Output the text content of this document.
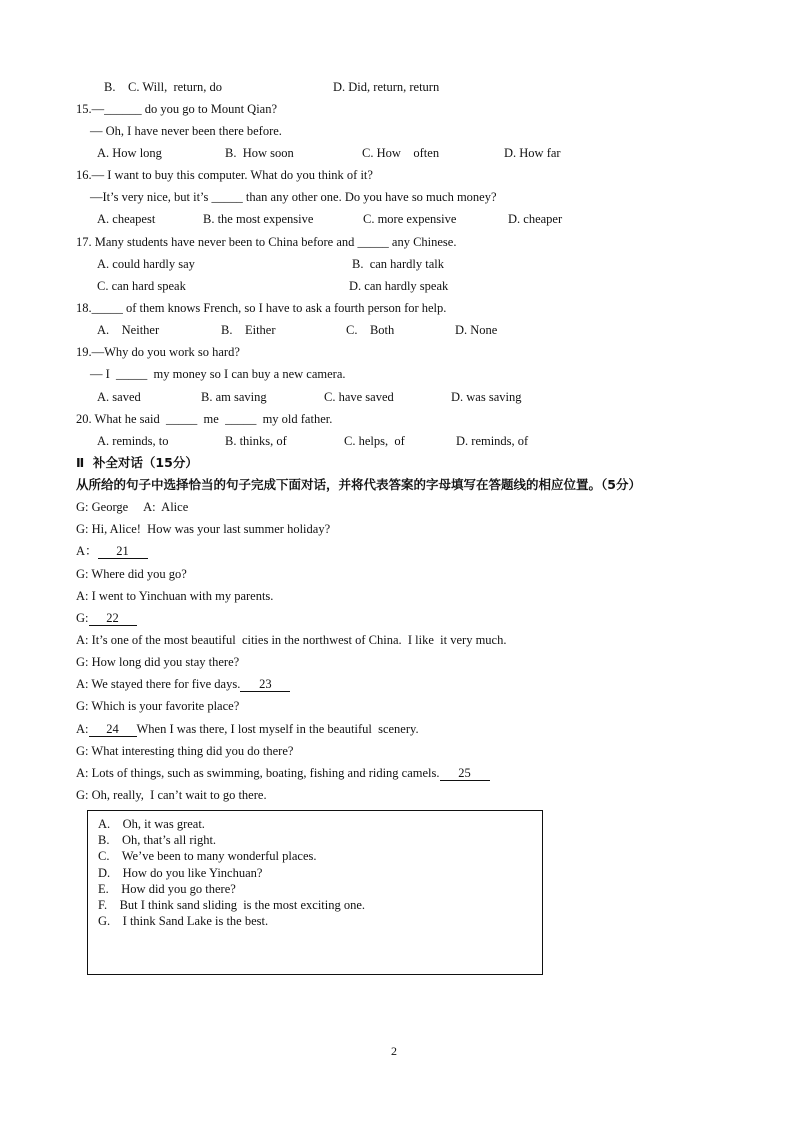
B. C. Will,  return, do	D. Did, return, return
15.—______ do you go to Mount Qian?
— Oh, I have never been there before.
A. How long	B.  How soon	C. How    often	D. How far
16.— I want to buy this computer. What do you think of it?
—It’s very nice, but it’s _____ than any other one. Do you have so much money?
A. cheapest	B. the most expensive	C. more expensive	D. cheaper
17. Many students have never been to China before and _____ any Chinese.
A. could hardly say	B.  can hardly talk
C. can hard speak	D. can hardly speak
18._____ of them knows French, so I have to ask a fourth person for help.
A.    Neither	B.    Either	C.    Both	D. None
19.—Why do you work so hard?
— I  _____  my money so I can buy a new camera.
A. saved	B. am saving	C. have saved	D. was saving
20. What he said  _____  me  _____  my old father.
A. reminds, to	B. thinks, of	C. helps,  of	D. reminds, of
Ⅱ  补全对话（15分）
从所给的句子中选择恰当的句子完成下面对话，并将代表答案的字母填写在答题线的相应位置。（5分）
G: George     A:  Alice
G: Hi, Alice!  How was your last summer holiday?
A： 21
G: Where did you go?
A: I went to Yinchuan with my parents.
G: 22
A: It’s one of the most beautiful  cities in the northwest of China.  I like  it very much.
G: How long did you stay there?
A: We stayed there for five days. 23
G: Which is your favorite place?
A: 24 When I was there, I lost myself in the beautiful  scenery.
G: What interesting thing did you do there?
A: Lots of things, such as swimming, boating, fishing and riding camels. 25
G: Oh, really,  I can’t wait to go there.
A.    Oh, it was great.
B.    Oh, that’s all right.
C.    We’ve been to many wonderful places.
D.    How do you like Yinchuan?
E.    How did you go there?
F.    But I think sand sliding  is the most exciting one.
G.    I think Sand Lake is the best.
2
